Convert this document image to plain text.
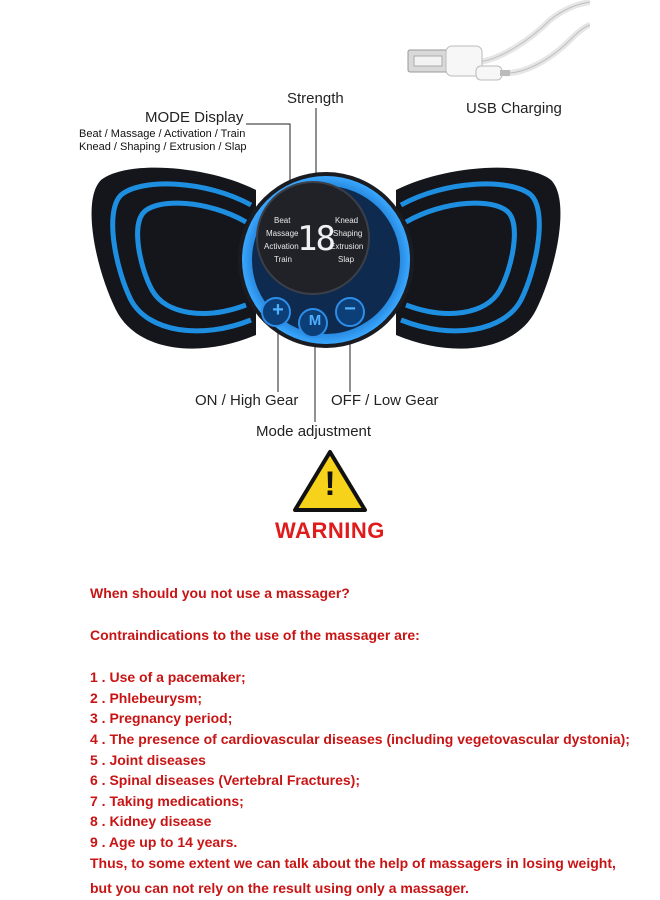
USB Charging
Strength
MODE Display
Beat / Massage / Activation / Train
Knead / Shaping / Extrusion / Slap
Beat
Massage
Activation
Train
Knead
Shaping
Extrusion
Slap
18
+	M
−
ON / High Gear OFF / Low Gear
Mode adjustment
!
WARNING
When should you not use a massager?
Contraindications to the use of the massager are:
1 . Use of a pacemaker;
2 . Phlebeurysm;
3 . Pregnancy period;
4 . The presence of cardiovascular diseases (including vegetovascular dystonia);
5 . Joint diseases
6 . Spinal diseases (Vertebral Fractures);
7 . Taking medications;
8 . Kidney disease
9 . Age up to 14 years.
Thus, to some extent we can talk about the help of massagers in losing weight,
but you can not rely on the result using only a massager.
